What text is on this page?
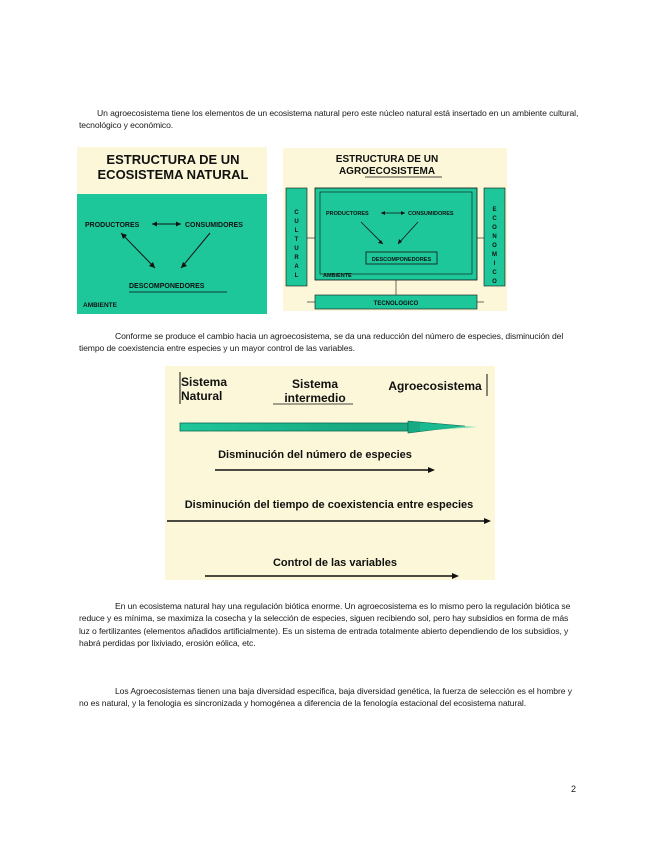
Un agroecosistema tiene los elementos de un ecosistema natural pero este núcleo natural está insertado en un ambiente cultural, tecnológico y económico.

ESTRUCTURA DE UN
ECOSISTEMA NATURAL
PRODUCTORES	CONSUMIDORES
DESCOMPONEDORES
AMBIENTE
ESTRUCTURA DE UN
AGROECOSISTEMA
C
U
L
T
U
R
A
L
E
C
O
N
O
M
I
C
O
PRODUCTORES	CONSUMIDORES
DESCOMPONEDORES
AMBIENTE
TECNOLOGICO

Conforme se produce el cambio hacia un agroecosistema, se da una reducción del número de especies, disminución del tiempo de coexistencia entre especies y un mayor control de las variables.

Sistema
Natural
Sistema
intermedio
Agroecosistema
Disminución del número de especies
Disminución del tiempo de coexistencia entre especies
Control de las variables

En un ecosistema natural hay una regulación biótica enorme. Un agroecosistema es lo mismo pero la regulación biótica se reduce y es mínima, se maximiza la cosecha y la selección de especies, siguen recibiendo sol, pero hay subsidios en forma de más luz o fertilizantes (elementos añadidos artificialmente). Es un sistema de entrada totalmente abierto dependiendo de los subsidios, y habrá perdidas por lixiviado, erosión eólica, etc.

Los Agroecosistemas tienen una baja diversidad especifica, baja diversidad genética, la fuerza de selección es el hombre y no es natural, y la fenologia es sincronizada y homogénea a diferencia de la fenología estacional del ecosistema natural.

2
